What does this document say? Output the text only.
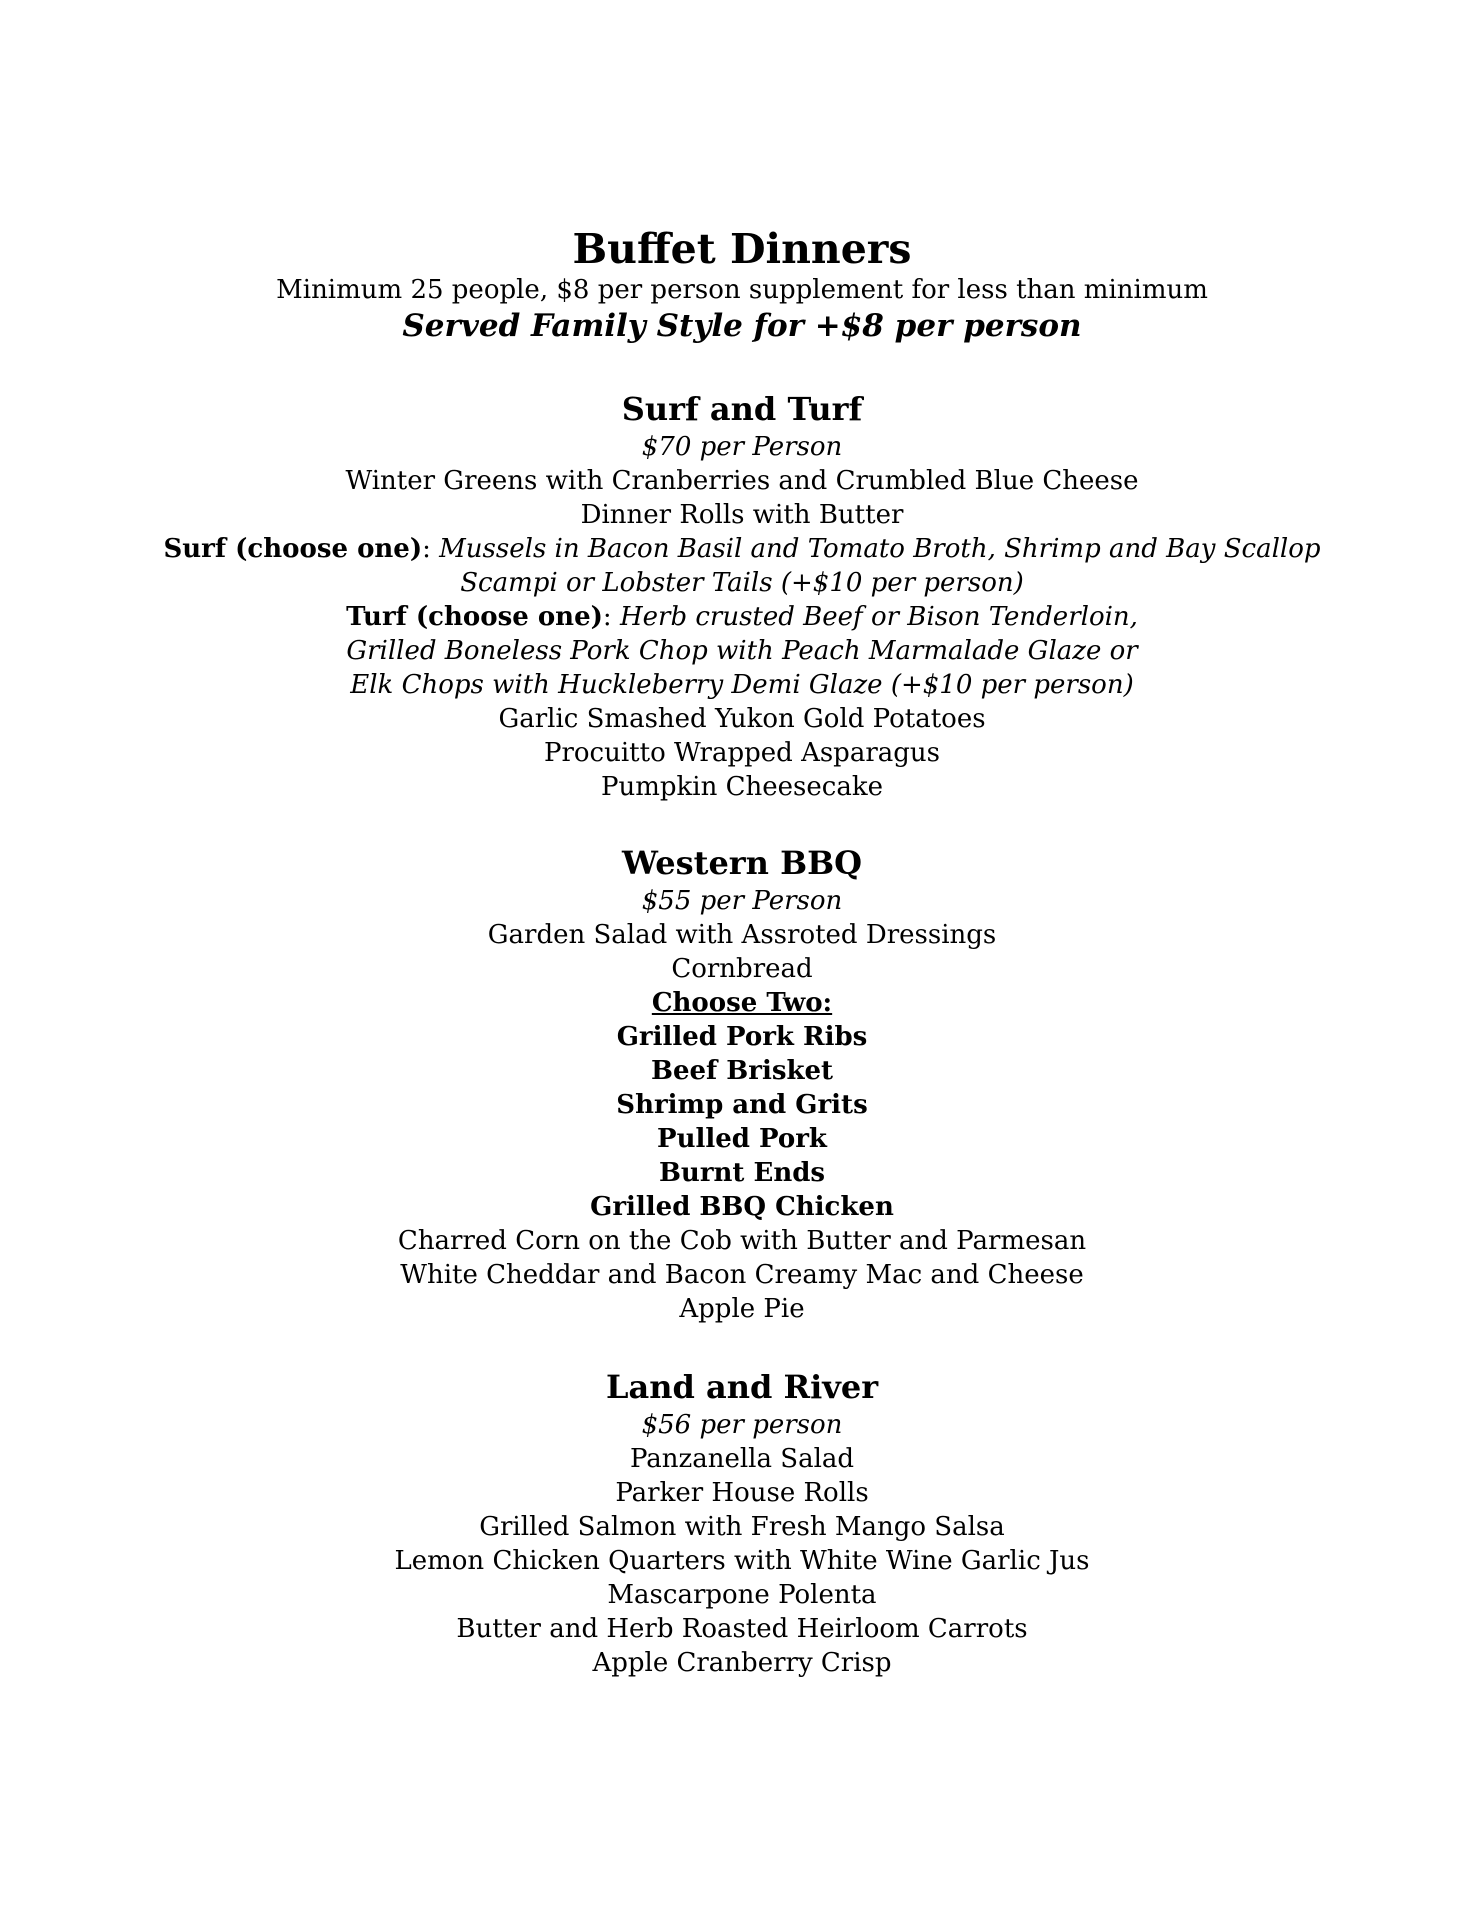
Buffet Dinners
Minimum 25 people, $8 per person supplement for less than minimum
Served Family Style for +$8 per person
Surf and Turf
$70 per Person
Winter Greens with Cranberries and Crumbled Blue Cheese
Dinner Rolls with Butter
Surf (choose one): Mussels in Bacon Basil and Tomato Broth, Shrimp and Bay Scallop
Scampi or Lobster Tails (+$10 per person)
Turf (choose one): Herb crusted Beef or Bison Tenderloin,
Grilled Boneless Pork Chop with Peach Marmalade Glaze or
Elk Chops with Huckleberry Demi Glaze (+$10 per person)
Garlic Smashed Yukon Gold Potatoes
Procuitto Wrapped Asparagus
Pumpkin Cheesecake
Western BBQ
$55 per Person
Garden Salad with Assroted Dressings
Cornbread
Choose Two:
Grilled Pork Ribs
Beef Brisket
Shrimp and Grits
Pulled Pork
Burnt Ends
Grilled BBQ Chicken
Charred Corn on the Cob with Butter and Parmesan
White Cheddar and Bacon Creamy Mac and Cheese
Apple Pie
Land and River
$56 per person
Panzanella Salad
Parker House Rolls
Grilled Salmon with Fresh Mango Salsa
Lemon Chicken Quarters with White Wine Garlic Jus
Mascarpone Polenta
Butter and Herb Roasted Heirloom Carrots
Apple Cranberry Crisp
